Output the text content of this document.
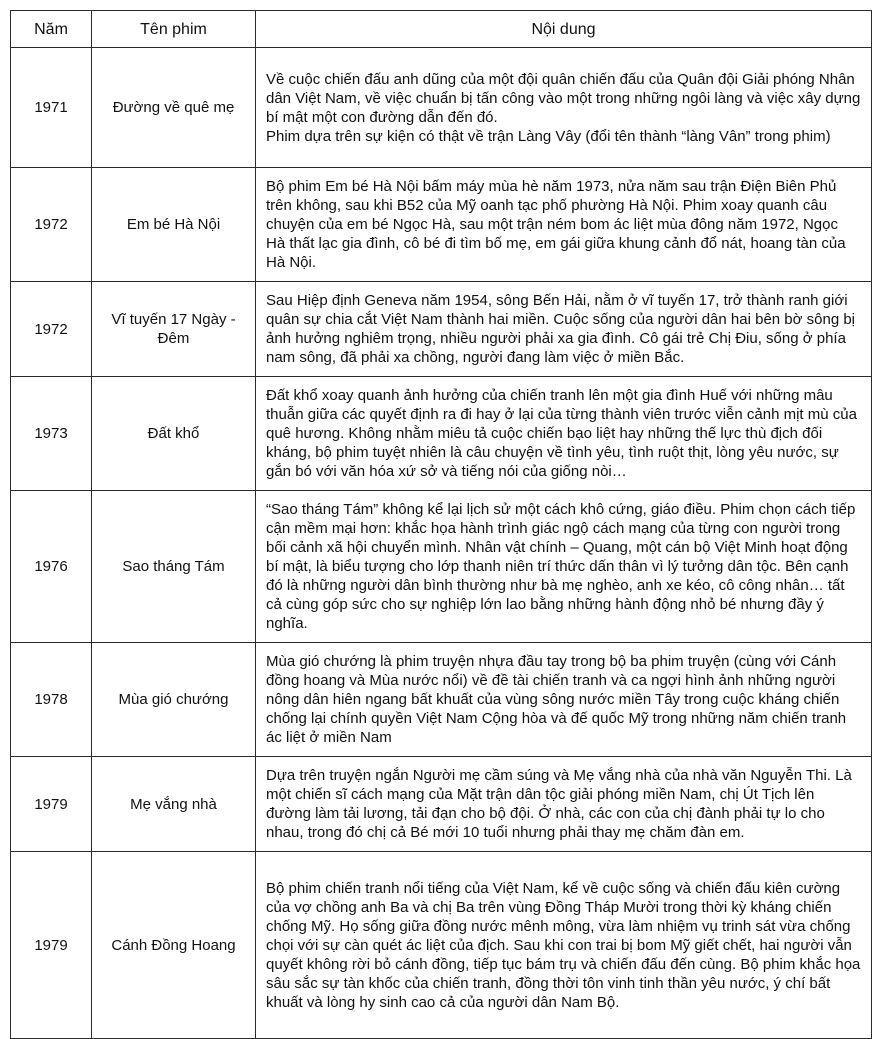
Năm	Tên phim	Nội dung
1971	Đường về quê mẹ	Về cuộc chiến đấu anh dũng của một đội quân chiến đấu của Quân đội Giải phóng Nhân dân Việt Nam, về việc chuẩn bị tấn công vào một trong những ngôi làng và việc xây dựng bí mật một con đường dẫn đến đó.
Phim dựa trên sự kiện có thật về trận Làng Vây (đổi tên thành “làng Vân” trong phim)

1972	Em bé Hà Nội	Bộ phim Em bé Hà Nội bấm máy mùa hè năm 1973, nửa năm sau trận Điện Biên Phủ trên không, sau khi B52 của Mỹ oanh tạc phố phường Hà Nội. Phim xoay quanh câu chuyện của em bé Ngọc Hà, sau một trận ném bom ác liệt mùa đông năm 1972, Ngọc Hà thất lạc gia đình, cô bé đi tìm bố mẹ, em gái giữa khung cảnh đổ nát, hoang tàn của Hà Nội.

1972	Vĩ tuyến 17 Ngày - Đêm	Sau Hiệp định Geneva năm 1954, sông Bến Hải, nằm ở vĩ tuyến 17, trở thành ranh giới quân sự chia cắt Việt Nam thành hai miền. Cuộc sống của người dân hai bên bờ sông bị ảnh hưởng nghiêm trọng, nhiều người phải xa gia đình. Cô gái trẻ Chị Điu, sống ở phía nam sông, đã phải xa chồng, người đang làm việc ở miền Bắc.

1973	Đất khổ	Đất khổ xoay quanh ảnh hưởng của chiến tranh lên một gia đình Huế với những mâu thuẫn giữa các quyết định ra đi hay ở lại của từng thành viên trước viễn cảnh mịt mù của quê hương. Không nhằm miêu tả cuộc chiến bạo liệt hay những thế lực thù địch đối kháng, bộ phim tuyệt nhiên là câu chuyện về tình yêu, tình ruột thịt, lòng yêu nước, sự gắn bó với văn hóa xứ sở và tiếng nói của giống nòi…

1976	Sao tháng Tám	“Sao tháng Tám” không kể lại lịch sử một cách khô cứng, giáo điều. Phim chọn cách tiếp cận mềm mại hơn: khắc họa hành trình giác ngộ cách mạng của từng con người trong bối cảnh xã hội chuyển mình. Nhân vật chính – Quang, một cán bộ Việt Minh hoạt động bí mật, là biểu tượng cho lớp thanh niên trí thức dấn thân vì lý tưởng dân tộc. Bên cạnh đó là những người dân bình thường như bà mẹ nghèo, anh xe kéo, cô công nhân… tất cả cùng góp sức cho sự nghiệp lớn lao bằng những hành động nhỏ bé nhưng đầy ý nghĩa.

1978	Mùa gió chướng	Mùa gió chướng là phim truyện nhựa đầu tay trong bộ ba phim truyện (cùng với Cánh đồng hoang và Mùa nước nổi) về đề tài chiến tranh và ca ngợi hình ảnh những người nông dân hiên ngang bất khuất của vùng sông nước miền Tây trong cuộc kháng chiến chống lại chính quyền Việt Nam Cộng hòa và đế quốc Mỹ trong những năm chiến tranh ác liệt ở miền Nam

1979	Mẹ vắng nhà	Dựa trên truyện ngắn Người mẹ cầm súng và Mẹ vắng nhà của nhà văn Nguyễn Thi. Là một chiến sĩ cách mạng của Mặt trận dân tộc giải phóng miền Nam, chị Út Tịch lên đường làm tải lương, tải đạn cho bộ đội. Ở nhà, các con của chị đành phải tự lo cho nhau, trong đó chị cả Bé mới 10 tuổi nhưng phải thay mẹ chăm đàn em.

1979	Cánh Đồng Hoang	Bộ phim chiến tranh nổi tiếng của Việt Nam, kể về cuộc sống và chiến đấu kiên cường của vợ chồng anh Ba và chị Ba trên vùng Đồng Tháp Mười trong thời kỳ kháng chiến chống Mỹ. Họ sống giữa đồng nước mênh mông, vừa làm nhiệm vụ trinh sát vừa chống chọi với sự càn quét ác liệt của địch. Sau khi con trai bị bom Mỹ giết chết, hai người vẫn quyết không rời bỏ cánh đồng, tiếp tục bám trụ và chiến đấu đến cùng. Bộ phim khắc họa sâu sắc sự tàn khốc của chiến tranh, đồng thời tôn vinh tinh thần yêu nước, ý chí bất khuất và lòng hy sinh cao cả của người dân Nam Bộ.
